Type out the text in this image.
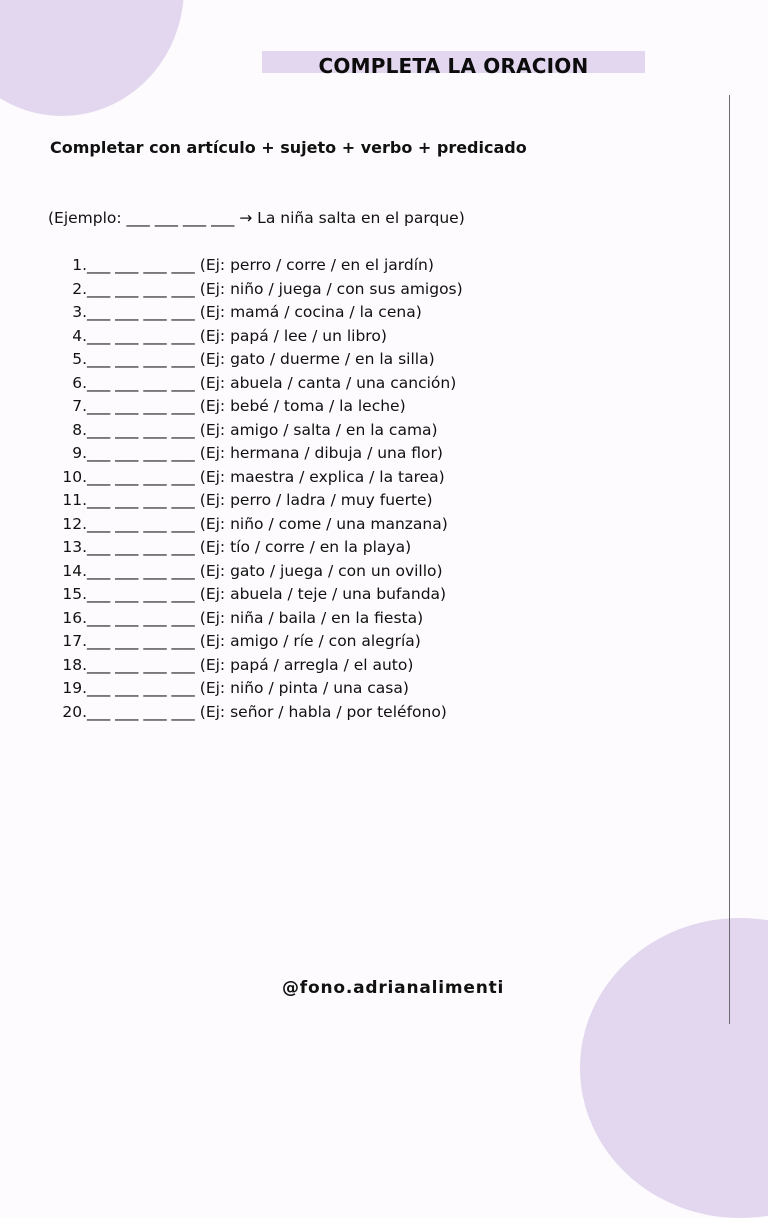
COMPLETA LA ORACION
Completar con artículo + sujeto + verbo + predicado
(Ejemplo: ___ ___ ___ ___ → La niña salta en el parque)
1. ___ ___ ___ ___ (Ej: perro / corre / en el jardín)
2. ___ ___ ___ ___ (Ej: niño / juega / con sus amigos)
3. ___ ___ ___ ___ (Ej: mamá / cocina / la cena)
4. ___ ___ ___ ___ (Ej: papá / lee / un libro)
5. ___ ___ ___ ___ (Ej: gato / duerme / en la silla)
6. ___ ___ ___ ___ (Ej: abuela / canta / una canción)
7. ___ ___ ___ ___ (Ej: bebé / toma / la leche)
8. ___ ___ ___ ___ (Ej: amigo / salta / en la cama)
9. ___ ___ ___ ___ (Ej: hermana / dibuja / una flor)
10. ___ ___ ___ ___ (Ej: maestra / explica / la tarea)
11. ___ ___ ___ ___ (Ej: perro / ladra / muy fuerte)
12. ___ ___ ___ ___ (Ej: niño / come / una manzana)
13. ___ ___ ___ ___ (Ej: tío / corre / en la playa)
14. ___ ___ ___ ___ (Ej: gato / juega / con un ovillo)
15. ___ ___ ___ ___ (Ej: abuela / teje / una bufanda)
16. ___ ___ ___ ___ (Ej: niña / baila / en la fiesta)
17. ___ ___ ___ ___ (Ej: amigo / ríe / con alegría)
18. ___ ___ ___ ___ (Ej: papá / arregla / el auto)
19. ___ ___ ___ ___ (Ej: niño / pinta / una casa)
20. ___ ___ ___ ___ (Ej: señor / habla / por teléfono)
@fono.adrianalimenti
